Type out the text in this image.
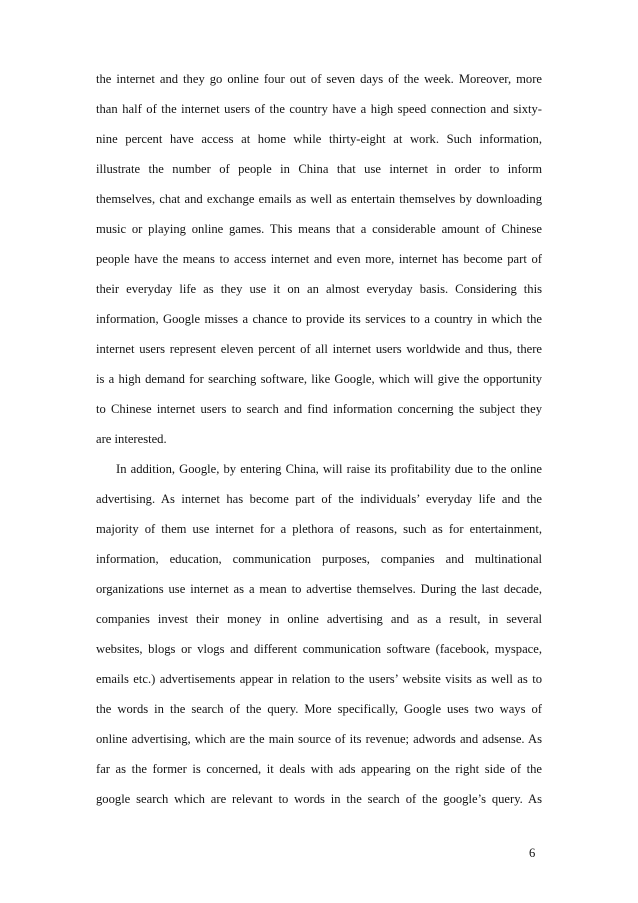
the internet and they go online four out of seven days of the week. Moreover, more
than half of the internet users of the country have a high speed connection and sixty-
nine percent have access at home while thirty-eight at work. Such information,
illustrate the number of people in China that use internet in order to inform
themselves, chat and exchange emails as well as entertain themselves by downloading
music or playing online games. This means that a considerable amount of Chinese
people have the means to access internet and even more, internet has become part of
their everyday life as they use it on an almost everyday basis. Considering this
information, Google misses a chance to provide its services to a country in which the
internet users represent eleven percent of all internet users worldwide and thus, there
is a high demand for searching software, like Google, which will give the opportunity
to Chinese internet users to search and find information concerning the subject they
are interested.
In addition, Google, by entering China, will raise its profitability due to the online
advertising. As internet has become part of the individuals’ everyday life and the
majority of them use internet for a plethora of reasons, such as for entertainment,
information, education, communication purposes, companies and multinational
organizations use internet as a mean to advertise themselves. During the last decade,
companies invest their money in online advertising and as a result, in several
websites, blogs or vlogs and different communication software (facebook, myspace,
emails etc.) advertisements appear in relation to the users’ website visits as well as to
the words in the search of the query. More specifically, Google uses two ways of
online advertising, which are the main source of its revenue; adwords and adsense. As
far as the former is concerned, it deals with ads appearing on the right side of the
google search which are relevant to words in the search of the google’s query. As
6
